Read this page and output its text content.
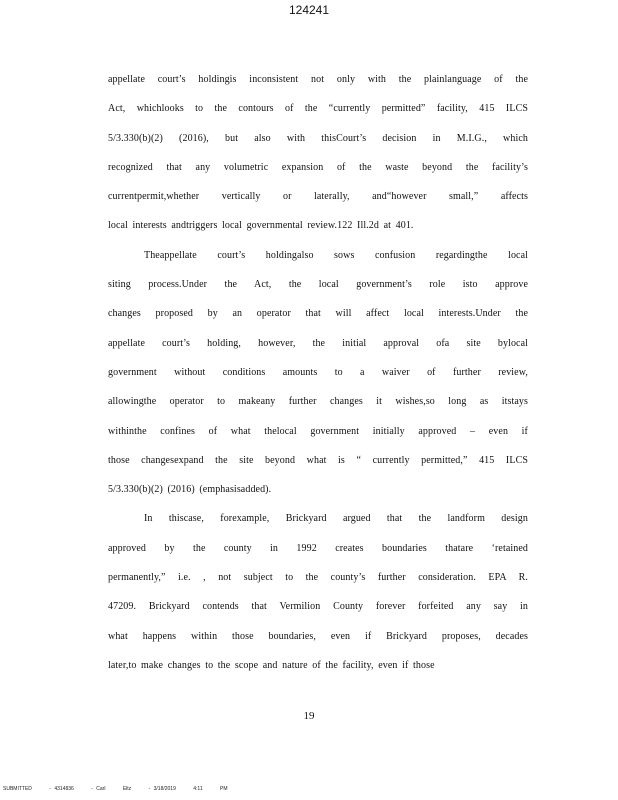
124241
appellate court’s holdingis inconsistent not only with the plainlanguage of the
Act, whichlooks to the contours of the “currently permitted” facility, 415 ILCS
5/3.330(b)(2) (2016), but also with thisCourt’s decision in M.I.G., which
recognized that any volumetric expansion of the waste beyond the facility’s
currentpermit,whether vertically or laterally, and“however small,” affects
local interests andtriggers local governmental review.122 Ill.2d at 401.
Theappellate court’s holdingalso sows confusion regardingthe local
siting process.Under the Act, the local government’s role isto approve
changes proposed by an operator that will affect local interests.Under the
appellate court’s holding, however, the initial approval ofa site bylocal
government without conditions amounts to a waiver of further review,
allowingthe operator to makeany further changes it wishes,so long as itstays
withinthe confines of what thelocal government initially approved – even if
those changesexpand the site beyond what is “ currently permitted,” 415 ILCS
5/3.330(b)(2) (2016) (emphasisadded).
In thiscase, forexample, Brickyard argued that the landform design
approved by the county in 1992 creates boundaries thatare ‘retained
permanently,” i.e. , not subject to the county’s further consideration. EPA R.
47209. Brickyard contends that Vermilion County forever forfeited any say in
what happens within those boundaries, even if Brickyard proposes, decades
later,to make changes to the scope and nature of the facility, even if those
19
SUBMITTED	- 4314836	- Carl	Eltz	- 3/18/2019	4:11	PM
